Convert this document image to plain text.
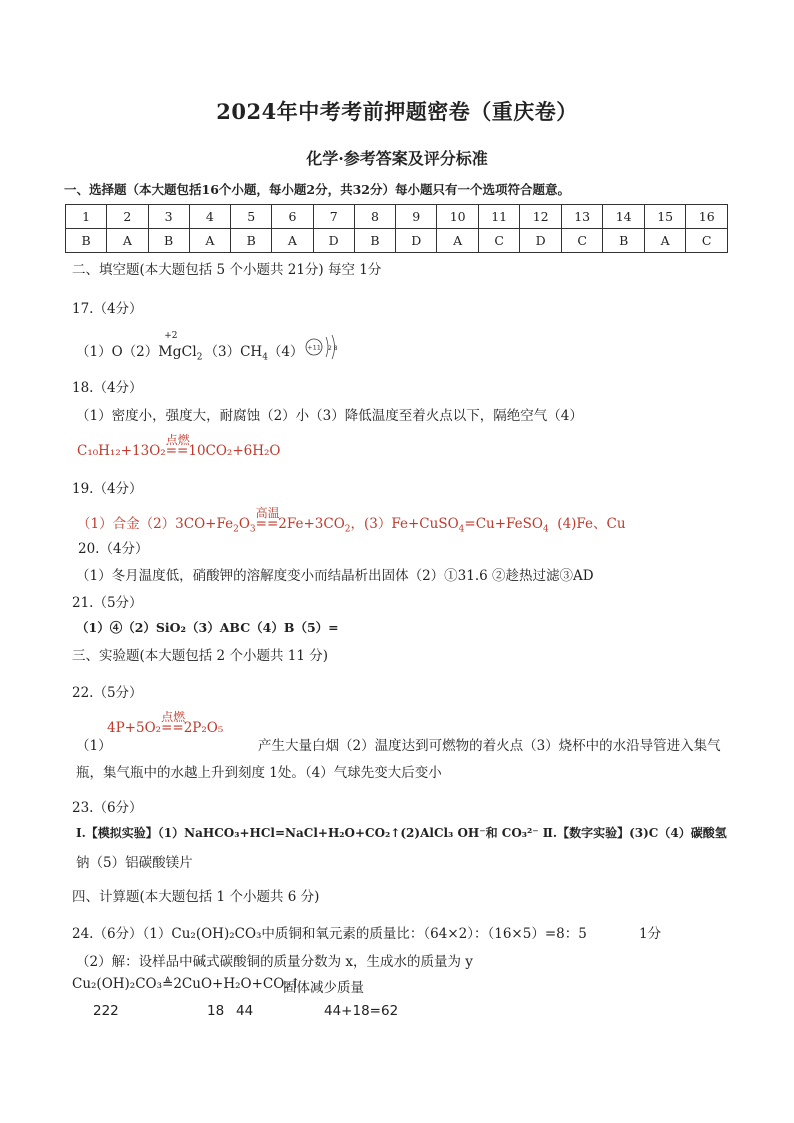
2024年中考考前押题密卷（重庆卷）
化学·参考答案及评分标准
一、选择题（本大题包括16个小题，每小题2分，共32分）每小题只有一个选项符合题意。
1	2	3	4	5	6	7	8	9	10	11	12	13	14	15	16
B	A	B	A	B	A	D	B	D	A	C	D	C	B	A	C
二、填空题(本大题包括 5 个小题共 21分) 每空 1分
17.（4分）
（1）O（2）
+2
MgCl$_2$ $(3)CH_4(4) +11$ 2 8
18.（4分）
（1）密度小，强度大，耐腐蚀（2）小（3）降低温度至着火点以下，隔绝空气（4）
C₁₀H₁₂+13O₂
点燃
==10CO₂+6H₂O
19.（4分）
（1）合金$(2)3CO+Fe_2O_3$
高温
$==2Fe+3CO_2$，(3）Fe+CuSO$_4$=Cu+FeSO$_4$  (4)Fe、Cu
20.（4分）
（1）冬月温度低，硝酸钾的溶解度变小而结晶析出固体（2）①31.6 ②趁热过滤③AD
21.（5分）
（1）④（2）SiO₂（3）ABC（4）B（5）=
三、实验题(本大题包括 2 个小题共 11 分)
22.（5分）
（1）
4P+5O₂
点燃
==2P₂O₅
产生大量白烟（2）温度达到可燃物的着火点（3）烧杯中的水沿导管进入集气
瓶，集气瓶中的水越上升到刻度 1处。（4）气球先变大后变小
23.（6分）
Ⅰ.【模拟实验】（1）NaHCO₃+HCl=NaCl+H₂O+CO₂↑(2)AlCl₃ OH⁻和 CO₃²⁻ Ⅱ.【数字实验】(3)C（4）碳酸氢
钠（5）铝碳酸镁片
四、计算题(本大题包括 1 个小题共 6 分)
24.（6分）（1）Cu₂(OH)₂CO₃中质铜和氧元素的质量比：（64×2）：（16×5）=8：5	1分
（2）解：设样品中碱式碳酸铜的质量分数为 x，生成水的质量为 y
Cu₂(OH)₂CO₃≜2CuO+H₂O+CO₂↑
固体减少质量
222	18 44	44+18=62
